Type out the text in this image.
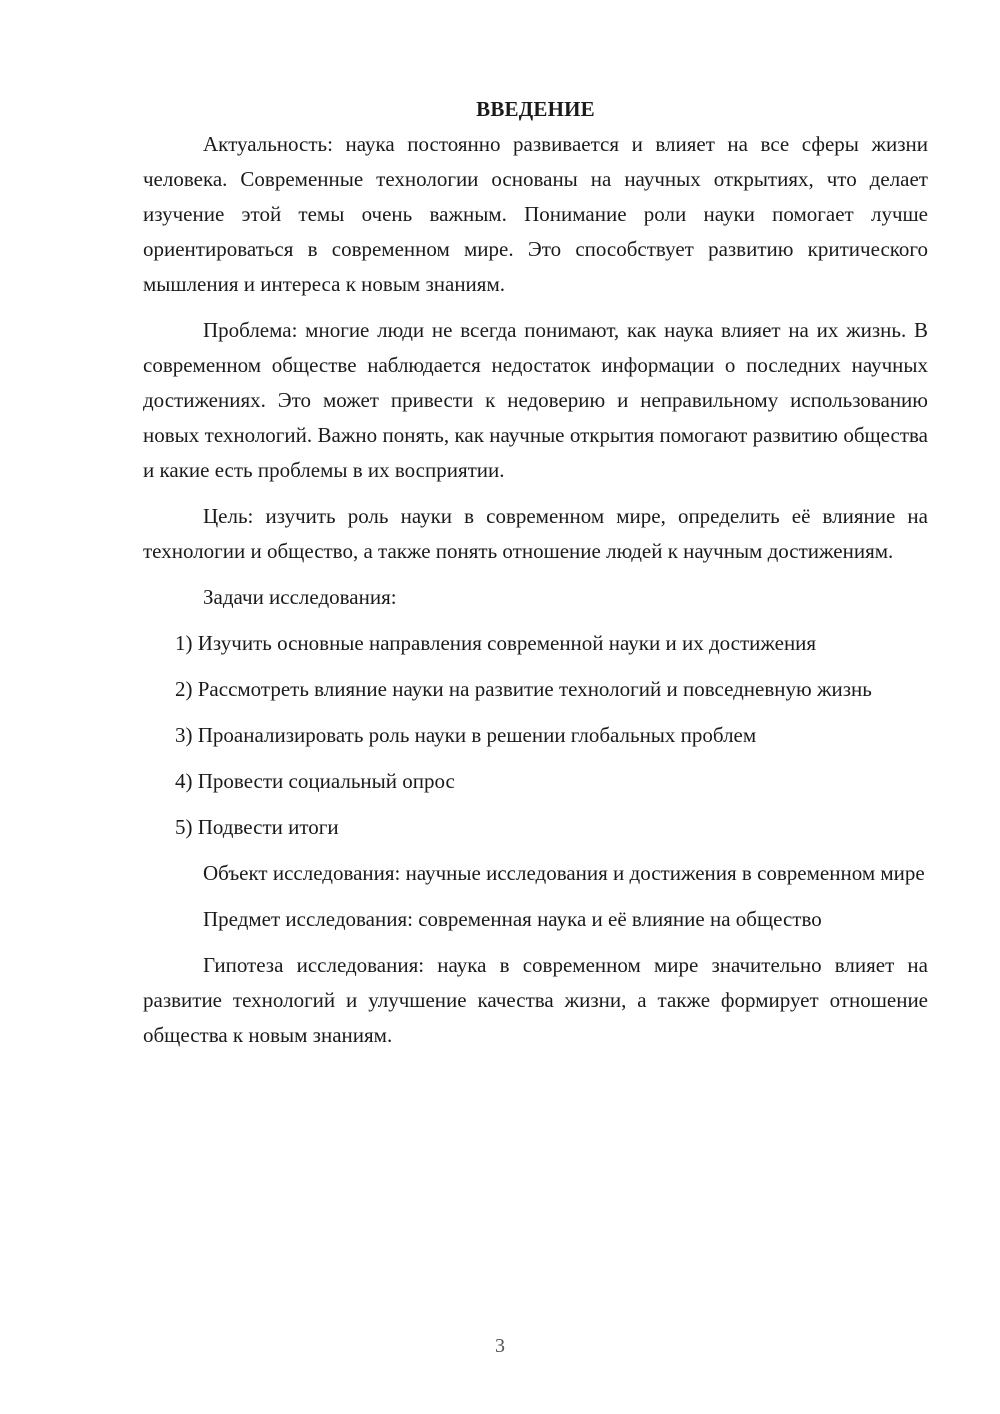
ВВЕДЕНИЕ

Актуальность: наука постоянно развивается и влияет на все сферы жизни человека. Современные технологии основаны на научных открытиях, что делает изучение этой темы очень важным. Понимание роли науки помогает лучше ориентироваться в современном мире. Это способствует развитию критического мышления и интереса к новым знаниям.

Проблема: многие люди не всегда понимают, как наука влияет на их жизнь. В современном обществе наблюдается недостаток информации о последних научных достижениях. Это может привести к недоверию и неправильному использованию новых технологий. Важно понять, как научные открытия помогают развитию общества и какие есть проблемы в их восприятии.

Цель: изучить роль науки в современном мире, определить её влияние на технологии и общество, а также понять отношение людей к научным достижениям.

Задачи исследования:

1) Изучить основные направления современной науки и их достижения

2) Рассмотреть влияние науки на развитие технологий и повседневную жизнь

3) Проанализировать роль науки в решении глобальных проблем

4) Провести социальный опрос

5) Подвести итоги

Объект исследования: научные исследования и достижения в современном мире

Предмет исследования: современная наука и её влияние на общество

Гипотеза исследования: наука в современном мире значительно влияет на развитие технологий и улучшение качества жизни, а также формирует отношение общества к новым знаниям.

3
